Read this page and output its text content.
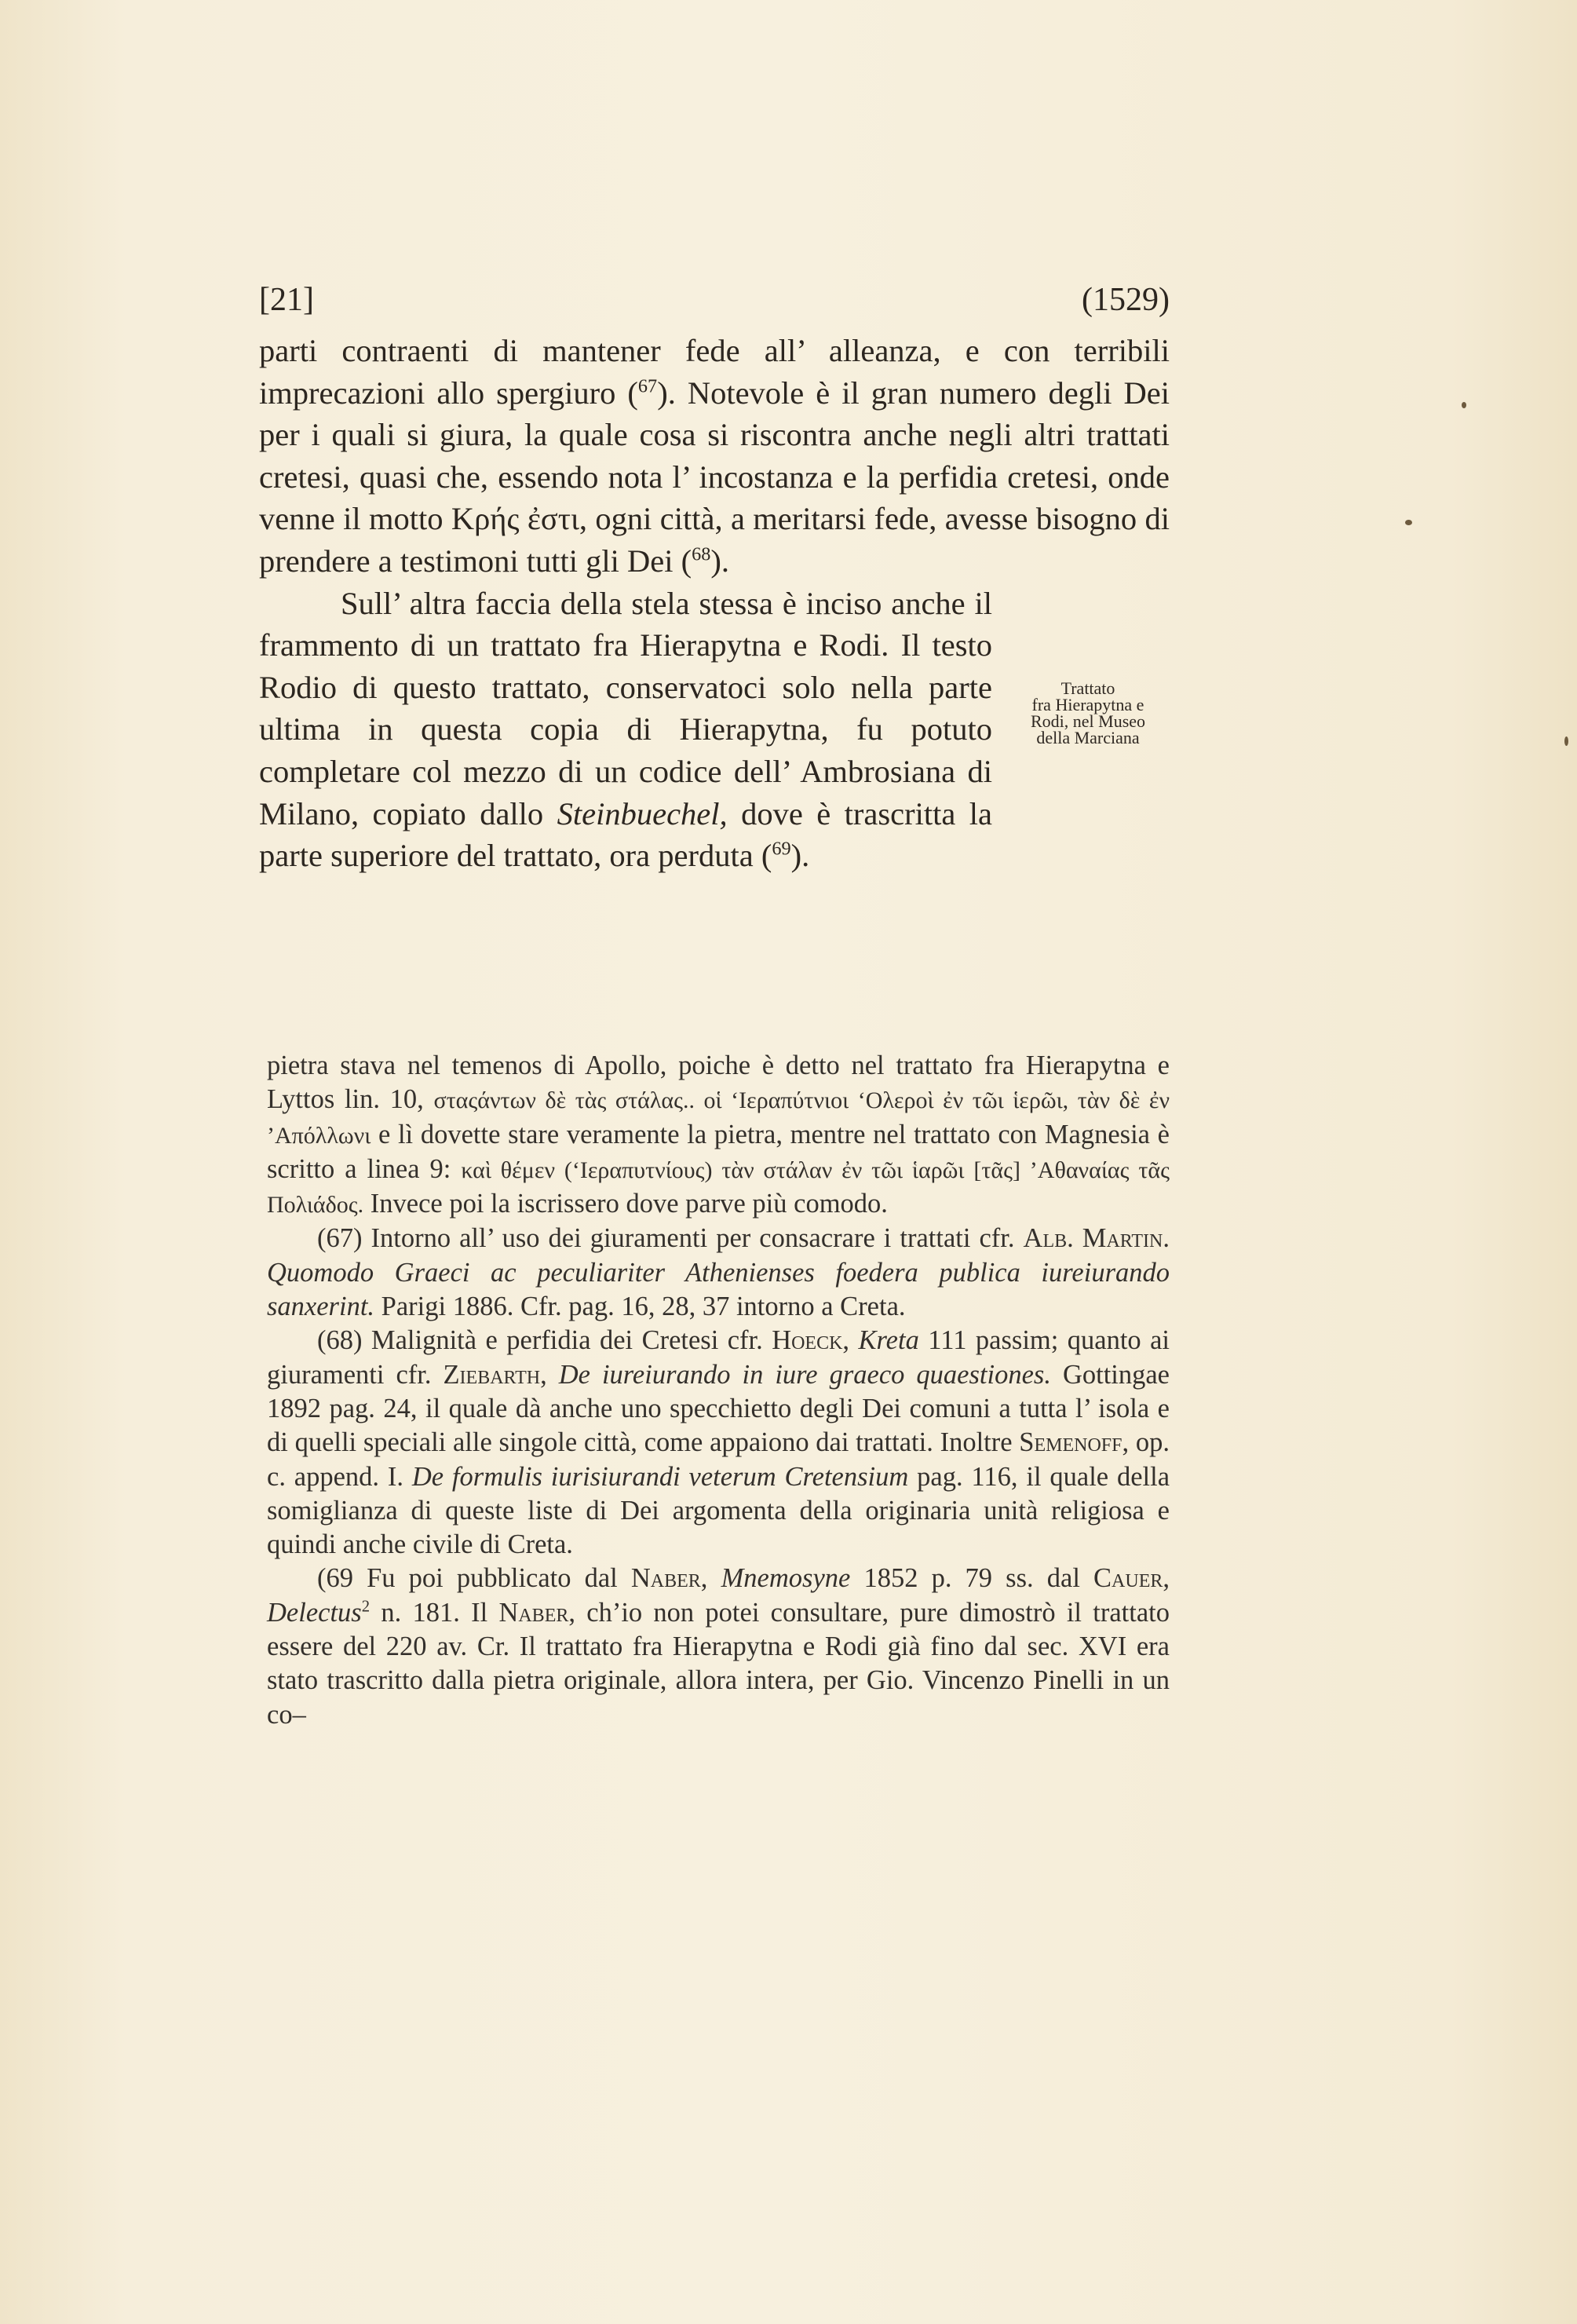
[21]	(1529)

parti contraenti di mantener fede all’ alleanza, e con terribili imprecazioni allo spergiuro ($^{67}$). Notevole è il gran numero degli Dei per i quali si giura, la quale cosa si riscontra anche negli altri trattati cretesi, quasi che, essendo nota l’ incostanza e la perfidia cretesi, onde venne il motto Κρής ἐστι, ogni città, a meritarsi fede, avesse bisogno di prendere a testimoni tutti gli Dei ($^{68}$).

Sull’ altra faccia della stela stessa è inciso anche il frammento di un trattato fra Hierapytna e Rodi. Il testo Rodio di questo trattato, conservatoci solo nella parte ultima in questa copia di Hierapytna, fu potuto completare col mezzo di un codice dell’ Ambrosiana di Milano, copiato dallo Steinbuechel, dove è trascritta la parte superiore del trattato, ora perduta ($^{69}$).

Trattato
fra Hierapytna e
Rodi, nel Museo
della Marciana

pietra stava nel temenos di Apollo, poiche è detto nel trattato fra Hierapytna e Lyttos lin. 10, σταςάντων δὲ τὰς στάλας.. οἱ ‘Ιεραπύτνιοι ‘Ολεροὶ ἐν τῶι ἱερῶι, τὰν δὲ ἐν ’Απόλλωνι e lì dovette stare veramente la pietra, mentre nel trattato con Magnesia è scritto a linea 9: καὶ θέμεν (‘Ιεραπυτνίους) τὰν στάλαν ἐν τῶι ἱαρῶι [τᾶς] ’Αθαναίας τᾶς Πολιάδος. Invece poi la iscrissero dove parve più comodo.

(67) Intorno all’ uso dei giuramenti per consacrare i trattati cfr. Alb. Martin. Quomodo Graeci ac peculiariter Athenienses foedera publica iureiurando sanxerint. Parigi 1886. Cfr. pag. 16, 28, 37 intorno a Creta.

(68) Malignità e perfidia dei Cretesi cfr. Hoeck, Kreta 111 passim; quanto ai giuramenti cfr. Ziebarth, De iureiurando in iure graeco quaestiones. Gottingae 1892 pag. 24, il quale dà anche uno specchietto degli Dei comuni a tutta l’ isola e di quelli speciali alle singole città, come appaiono dai trattati. Inoltre Semenoff, op. c. append. I. De formulis iurisiurandi veterum Cretensium pag. 116, il quale della somiglianza di queste liste di Dei argomenta della originaria unità religiosa e quindi anche civile di Creta.

(69 Fu poi pubblicato dal Naber, Mnemosyne 1852 p. 79 ss. dal Cauer, Delectus$^2$ n. 181. Il Naber, ch’io non potei consultare, pure dimostrò il trattato essere del 220 av. Cr. Il trattato fra Hierapytna e Rodi già fino dal sec. XVI era stato trascritto dalla pietra originale, allora intera, per Gio. Vincenzo Pinelli in un co–
